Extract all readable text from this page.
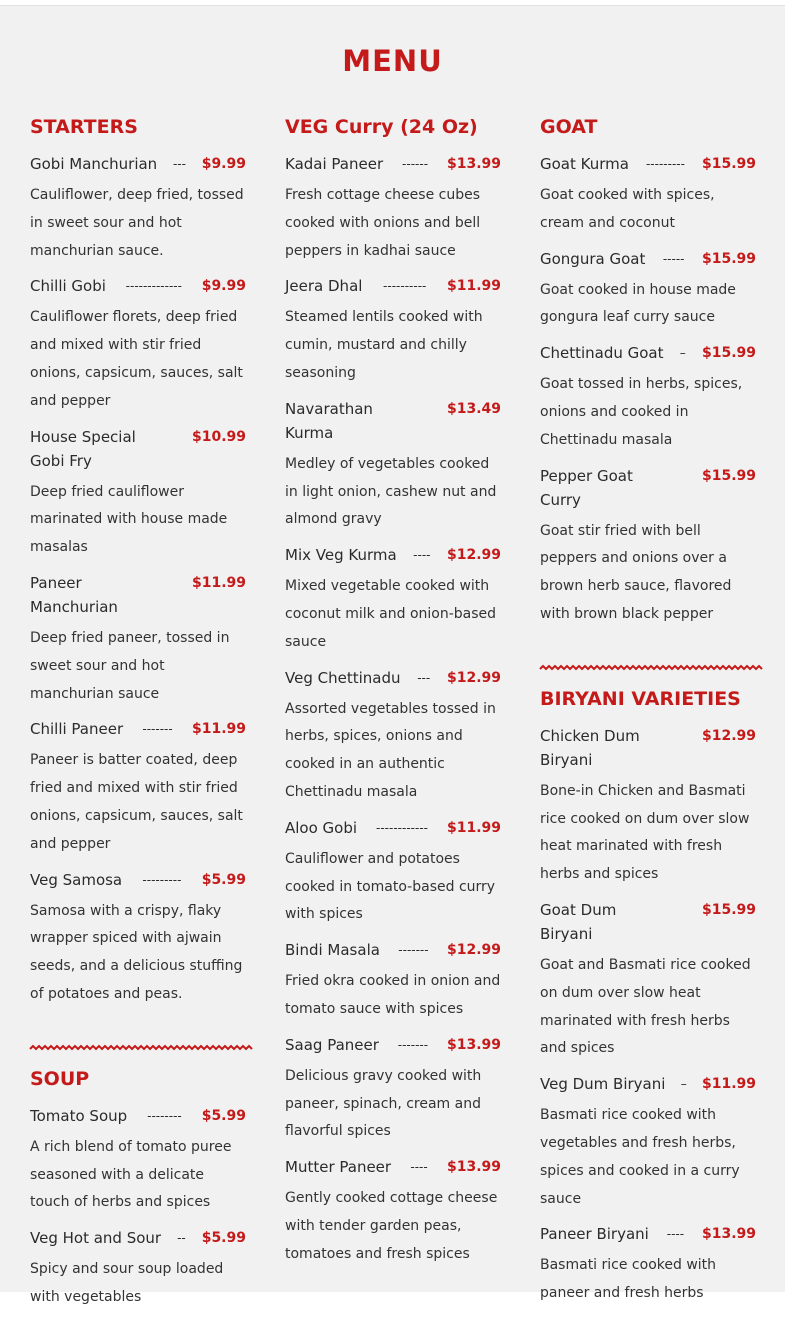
MENU
STARTERS
Gobi Manchurian	---	$9.99

Cauliflower, deep fried, tossed in sweet sour and hot manchurian sauce.

Chilli Gobi	-------------	$9.99

Cauliflower florets, deep fried and mixed with stir fried onions, capsicum, sauces, salt and pepper

House Special Gobi Fry
$10.99

Deep fried cauliflower marinated with house made masalas

Paneer Manchurian
$11.99

Deep fried paneer, tossed in sweet sour and hot manchurian sauce

Chilli Paneer	-------	$11.99

Paneer is batter coated, deep fried and mixed with stir fried onions, capsicum, sauces, salt and pepper

Veg Samosa	---------	$5.99

Samosa with a crispy, flaky wrapper spiced with ajwain seeds, and a delicious stuffing of potatoes and peas.

SOUP
Tomato Soup	--------	$5.99

A rich blend of tomato puree seasoned with a delicate touch of herbs and spices

Veg Hot and Sour	--	$5.99

Spicy and sour soup loaded with vegetables

VEG Curry (24 Oz)
Kadai Paneer	------	$13.99

Fresh cottage cheese cubes cooked with onions and bell peppers in kadhai sauce

Jeera Dhal	----------	$11.99

Steamed lentils cooked with cumin, mustard and chilly seasoning

Navarathan Kurma
$13.49

Medley of vegetables cooked in light onion, cashew nut and almond gravy

Mix Veg Kurma	----	$12.99

Mixed vegetable cooked with coconut milk and onion-based sauce

Veg Chettinadu	---	$12.99

Assorted vegetables tossed in herbs, spices, onions and cooked in an authentic Chettinadu masala

Aloo Gobi	------------	$11.99

Cauliflower and potatoes cooked in tomato-based curry with spices

Bindi Masala	-------	$12.99

Fried okra cooked in onion and tomato sauce with spices

Saag Paneer	-------	$13.99

Delicious gravy cooked with paneer, spinach, cream and flavorful spices

Mutter Paneer	----	$13.99

Gently cooked cottage cheese with tender garden peas, tomatoes and fresh spices

GOAT
Goat Kurma	---------	$15.99

Goat cooked with spices, cream and coconut

Gongura Goat	-----	$15.99

Goat cooked in house made gongura leaf curry sauce

Chettinadu Goat	–	$15.99

Goat tossed in herbs, spices, onions and cooked in Chettinadu masala

Pepper Goat Curry
$15.99

Goat stir fried with bell peppers and onions over a brown herb sauce, flavored with brown black pepper

BIRYANI VARIETIES
Chicken Dum Biryani
$12.99

Bone-in Chicken and Basmati rice cooked on dum over slow heat marinated with fresh herbs and spices

Goat Dum Biryani
$15.99

Goat and Basmati rice cooked on dum over slow heat marinated with fresh herbs and spices

Veg Dum Biryani	–	$11.99

Basmati rice cooked with vegetables and fresh herbs, spices and cooked in a curry sauce

Paneer Biryani	----	$13.99

Basmati rice cooked with paneer and fresh herbs
